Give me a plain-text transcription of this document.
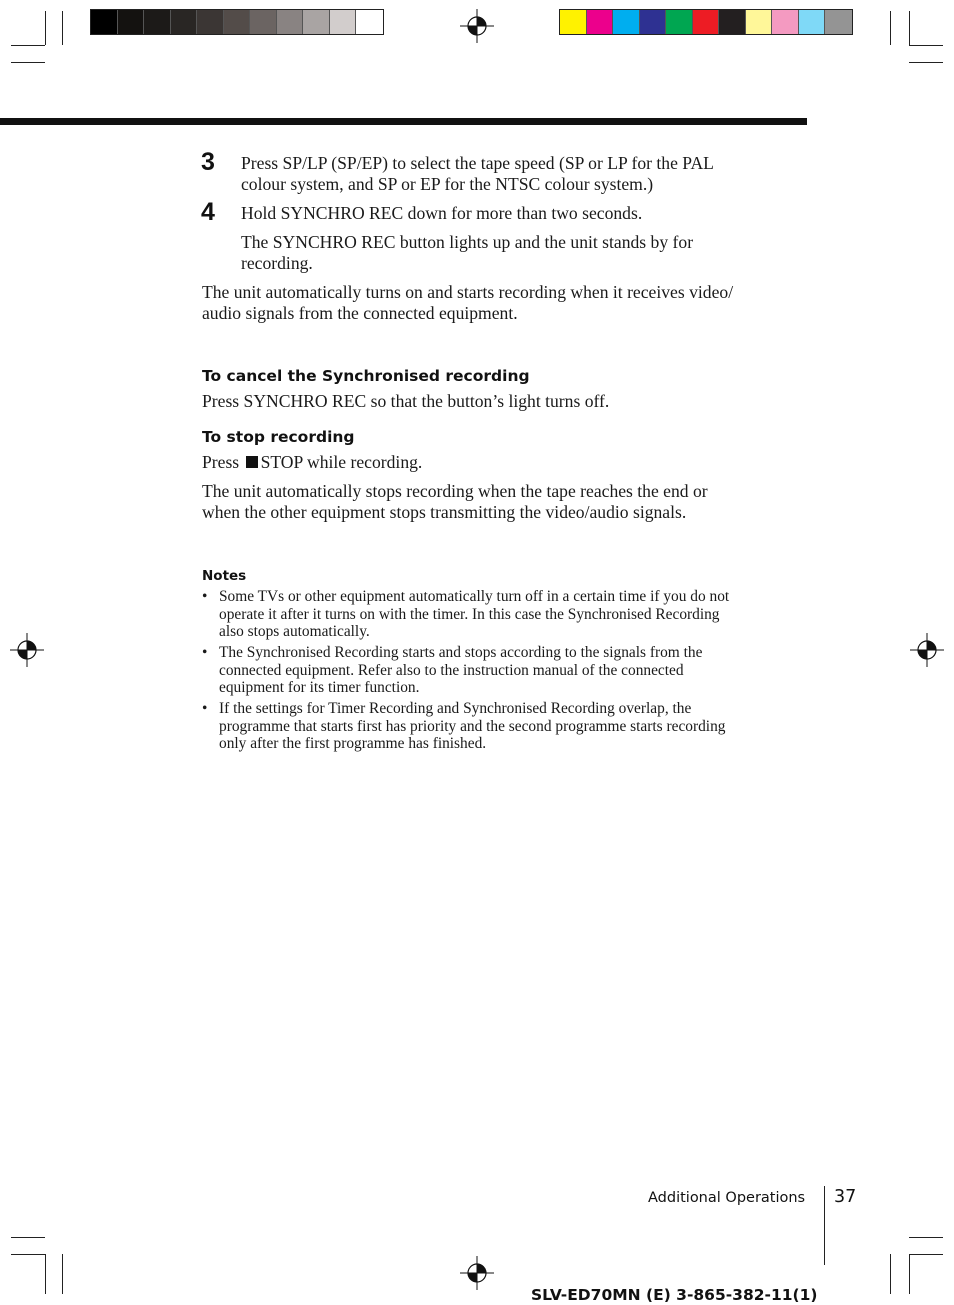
3 Press SP/LP (SP/EP) to select the tape speed (SP or LP for the PAL
colour system, and SP or EP for the NTSC colour system.)
4 Hold SYNCHRO REC down for more than two seconds.
The SYNCHRO REC button lights up and the unit stands by for
recording.
The unit automatically turns on and starts recording when it receives video/
audio signals from the connected equipment.
To cancel the Synchronised recording
Press SYNCHRO REC so that the button’s light turns off.
To stop recording
Press STOP while recording.
The unit automatically stops recording when the tape reaches the end or
when the other equipment stops transmitting the video/audio signals.
Notes
• Some TVs or other equipment automatically turn off in a certain time if you do not
operate it after it turns on with the timer. In this case the Synchronised Recording
also stops automatically.
• The Synchronised Recording starts and stops according to the signals from the
connected equipment. Refer also to the instruction manual of the connected
equipment for its timer function.
• If the settings for Timer Recording and Synchronised Recording overlap, the
programme that starts first has priority and the second programme starts recording
only after the first programme has finished.
Additional Operations 37
SLV-ED70MN (E) 3-865-382-11(1)
